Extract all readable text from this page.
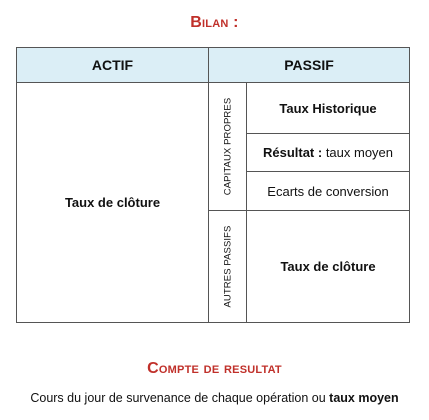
Bilan :
ACTIF	PASSIF
Taux de clôture
CAPITAUX PROPRES
AUTRES PASSIFS
Taux Historique
Résultat : taux moyen
Ecarts de conversion
Taux de clôture
Compte de resultat
Cours du jour de survenance de chaque opération ou taux moyen
